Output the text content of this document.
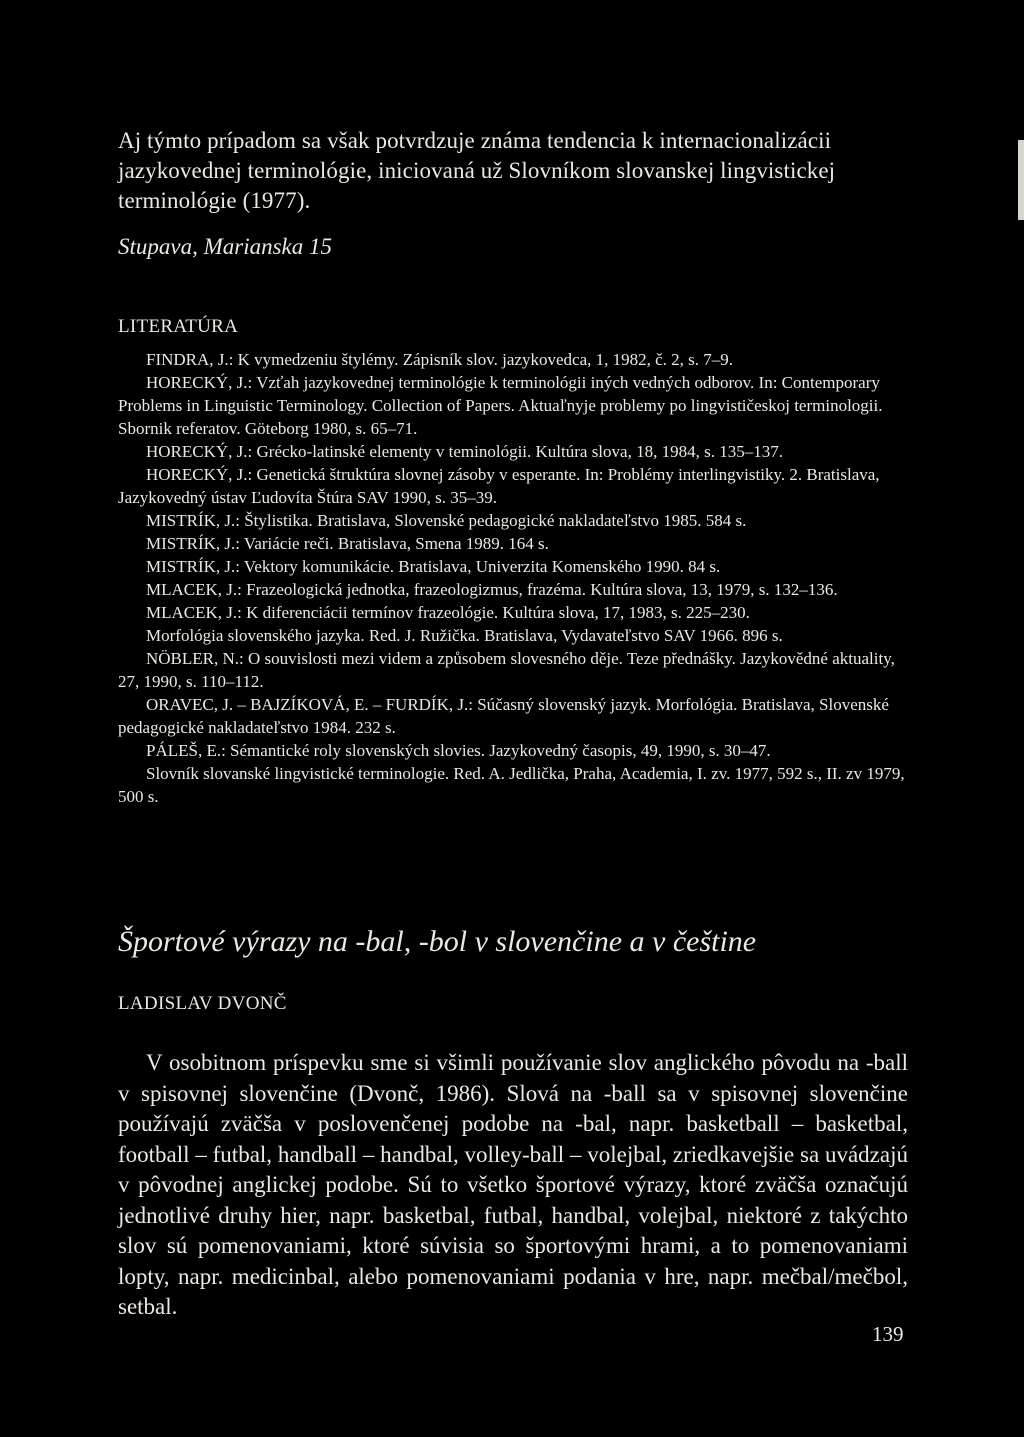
Aj týmto prípadom sa však potvrdzuje známa tendencia k internacionalizácii jazykovednej terminológie, iniciovaná už Slovníkom slovanskej lingvistickej terminológie (1977).

Stupava, Marianska 15

LITERATÚRA

FINDRA, J.: K vymedzeniu štylémy. Zápisník slov. jazykovedca, 1, 1982, č. 2, s. 7–9.
HORECKÝ, J.: Vzťah jazykovednej terminológie k terminológii iných vedných odborov. In: Contemporary Problems in Linguistic Terminology. Collection of Papers. Aktuaľnyje problemy po lingvističeskoj terminologii. Sbornik referatov. Göteborg 1980, s. 65–71.
HORECKÝ, J.: Grécko-latinské elementy v teminológii. Kultúra slova, 18, 1984, s. 135–137.
HORECKÝ, J.: Genetická štruktúra slovnej zásoby v esperante. In: Problémy interlingvistiky. 2. Bratislava, Jazykovedný ústav Ľudovíta Štúra SAV 1990, s. 35–39.
MISTRÍK, J.: Štylistika. Bratislava, Slovenské pedagogické nakladateľstvo 1985. 584 s.
MISTRÍK, J.: Variácie reči. Bratislava, Smena 1989. 164 s.
MISTRÍK, J.: Vektory komunikácie. Bratislava, Univerzita Komenského 1990. 84 s.
MLACEK, J.: Frazeologická jednotka, frazeologizmus, frazéma. Kultúra slova, 13, 1979, s. 132–136.
MLACEK, J.: K diferenciácii termínov frazeológie. Kultúra slova, 17, 1983, s. 225–230.
Morfológia slovenského jazyka. Red. J. Ružička. Bratislava, Vydavateľstvo SAV 1966. 896 s.
NÖBLER, N.: O souvislosti mezi videm a způsobem slovesného děje. Teze přednášky. Jazykovědné aktuality, 27, 1990, s. 110–112.
ORAVEC, J. – BAJZÍKOVÁ, E. – FURDÍK, J.: Súčasný slovenský jazyk. Morfológia. Bratislava, Slovenské pedagogické nakladateľstvo 1984. 232 s.
PÁLEŠ, E.: Sémantické roly slovenských slovies. Jazykovedný časopis, 49, 1990, s. 30–47.
Slovník slovanské lingvistické terminologie. Red. A. Jedlička, Praha, Academia, I. zv. 1977, 592 s., II. zv 1979, 500 s.

Športové výrazy na -bal, -bol v slovenčine a v češtine

LADISLAV DVONČ

V osobitnom príspevku sme si všimli používanie slov anglického pôvodu na -ball v spisovnej slovenčine (Dvonč, 1986). Slová na -ball sa v spisovnej slovenčine používajú zväčša v poslovenčenej podobe na -bal, napr. basketball – basketbal, football – futbal, handball – handbal, volley-ball – volejbal, zriedkavejšie sa uvádzajú v pôvodnej anglickej podobe. Sú to všetko športové výrazy, ktoré zväčša označujú jednotlivé druhy hier, napr. basketbal, futbal, handbal, volejbal, niektoré z takýchto slov sú pomenovaniami, ktoré súvisia so športovými hrami, a to pomenovaniami lopty, napr. medicinbal, alebo pomenovaniami podania v hre, napr. mečbal/mečbol, setbal.

139
